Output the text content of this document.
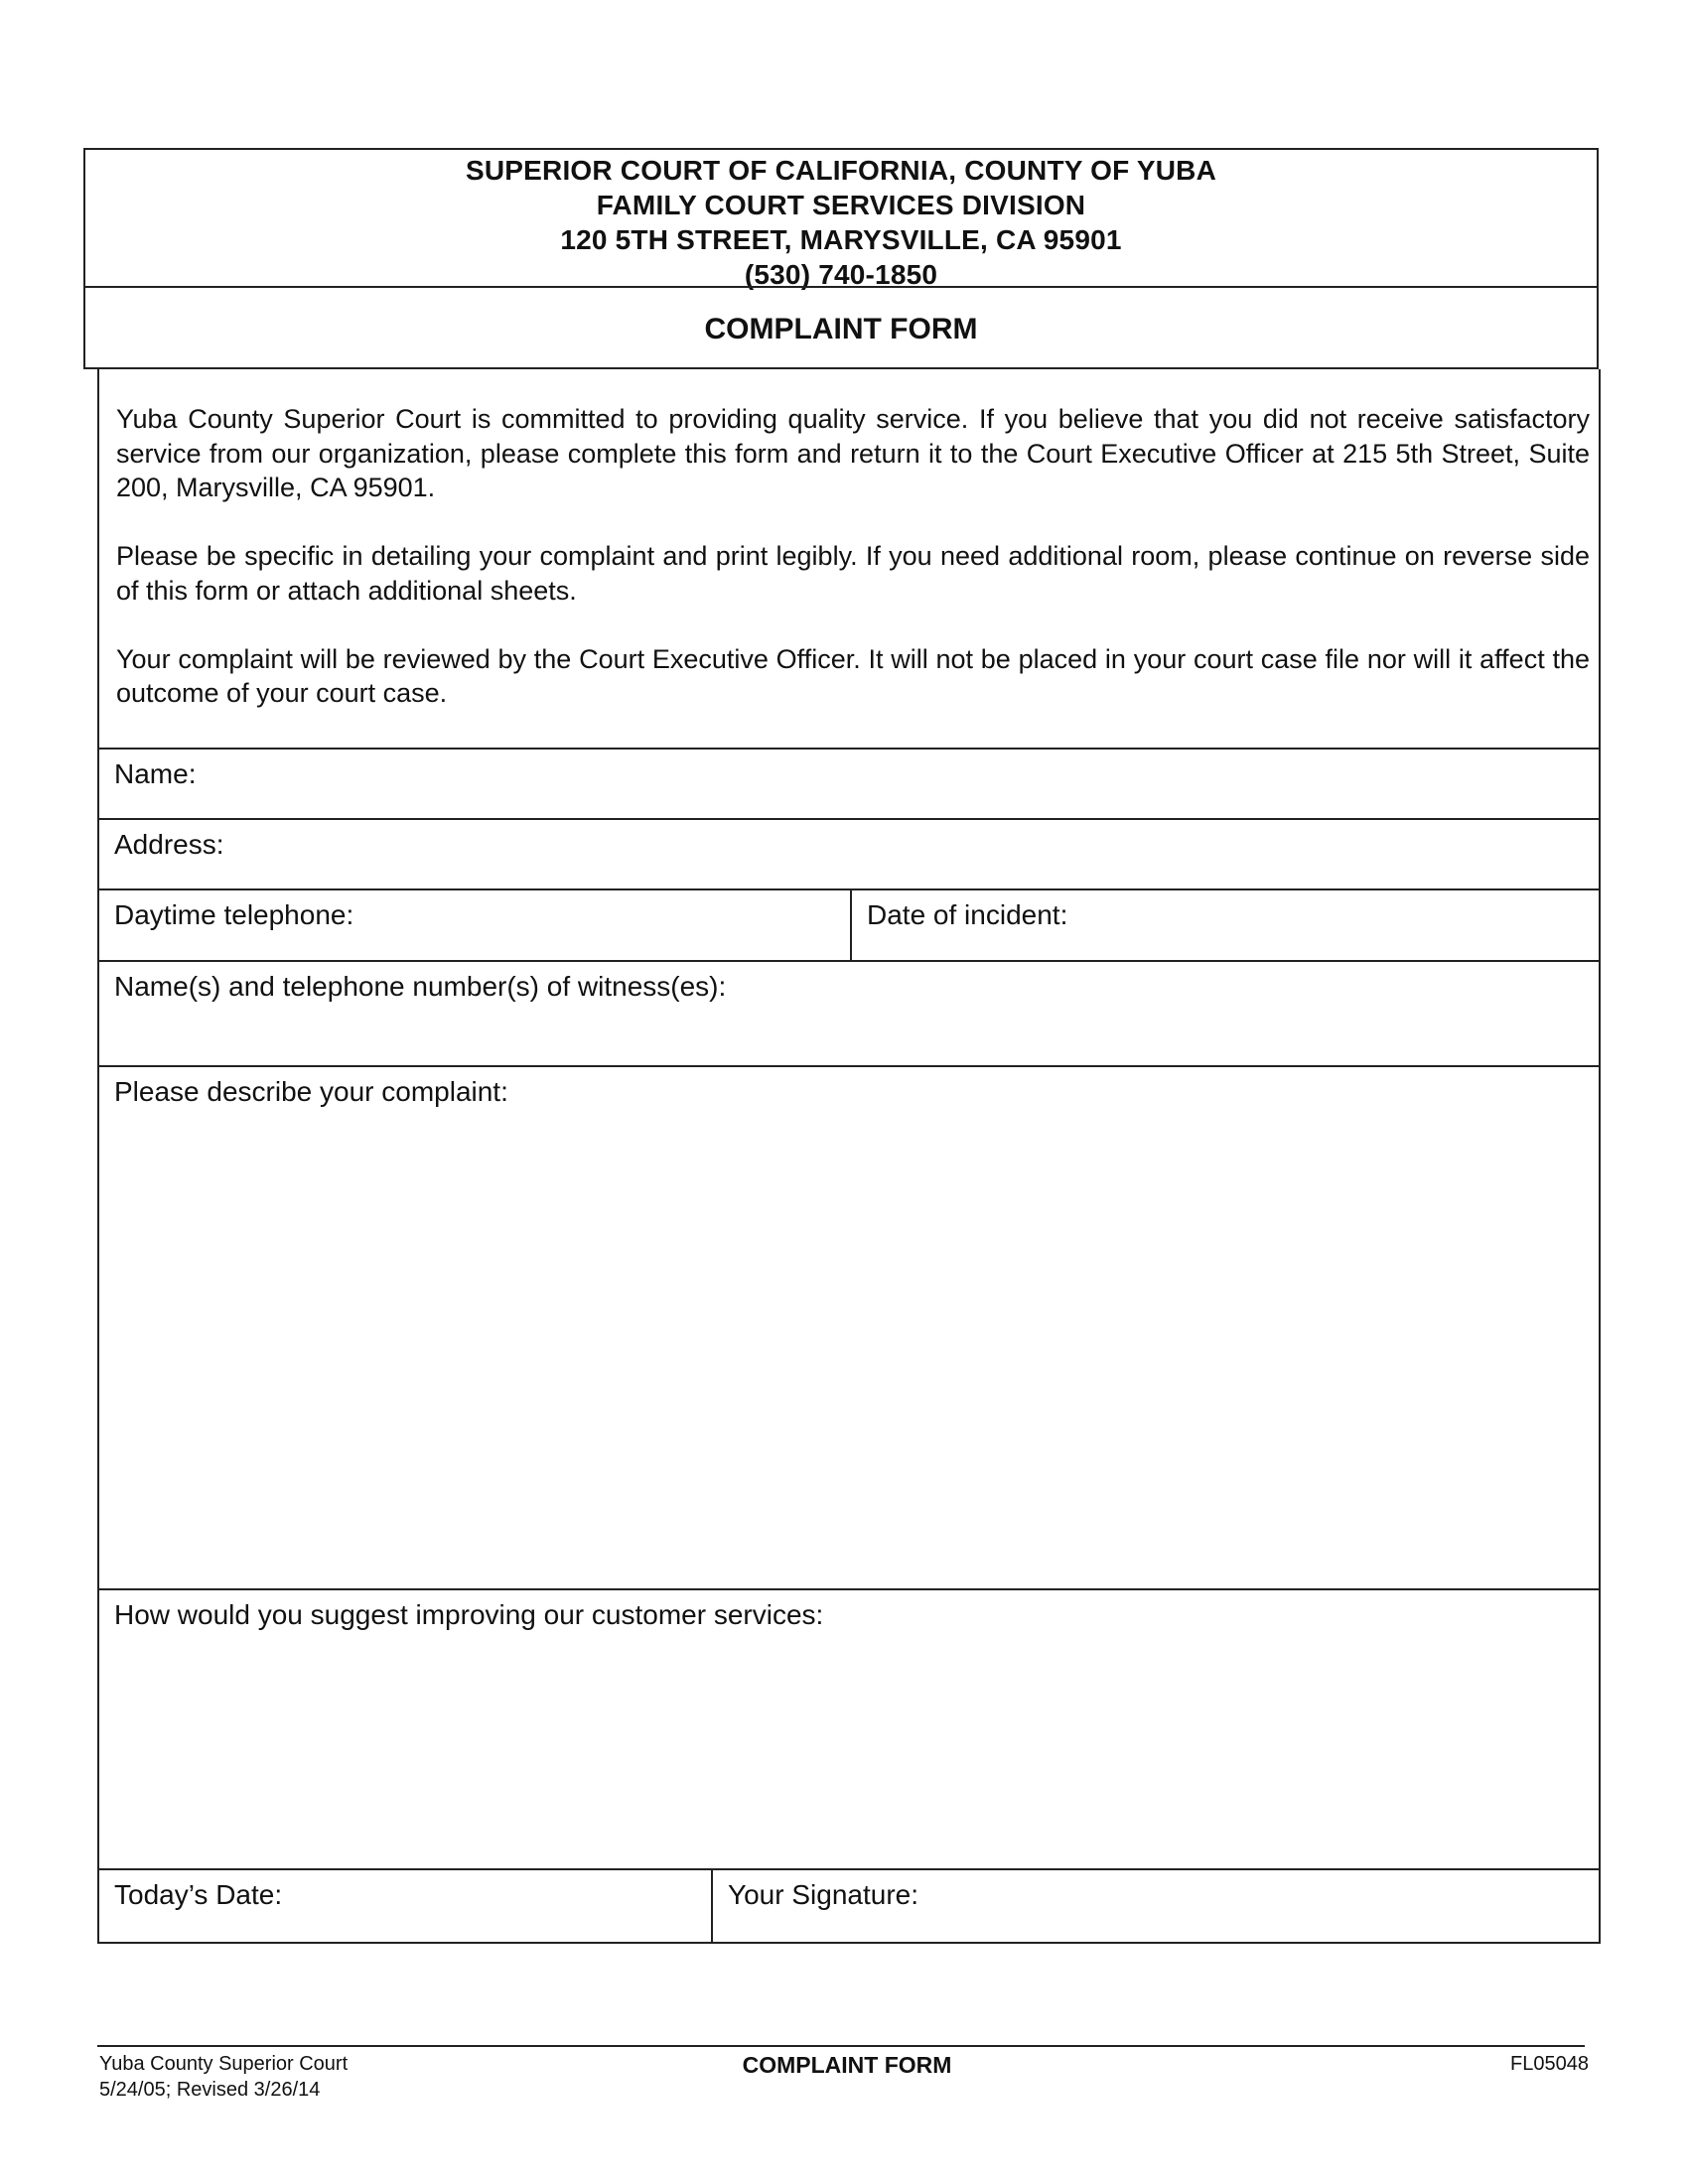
SUPERIOR COURT OF CALIFORNIA, COUNTY OF YUBA
FAMILY COURT SERVICES DIVISION
120 5TH STREET, MARYSVILLE, CA 95901
(530) 740-1850
COMPLAINT FORM

Yuba County Superior Court is committed to providing quality service. If you believe that you did not receive satisfactory service from our organization, please complete this form and return it to the Court Executive Officer at 215 5th Street, Suite 200, Marysville, CA 95901.

Please be specific in detailing your complaint and print legibly. If you need additional room, please continue on reverse side of this form or attach additional sheets.

Your complaint will be reviewed by the Court Executive Officer. It will not be placed in your court case file nor will it affect the outcome of your court case.

Name:
Address:
Daytime telephone:	Date of incident:
Name(s) and telephone number(s) of witness(es):
Please describe your complaint:
How would you suggest improving our customer services:
Today’s Date:	Your Signature:
Yuba County Superior Court
5/24/05; Revised 3/26/14
COMPLAINT FORM	FL05048
